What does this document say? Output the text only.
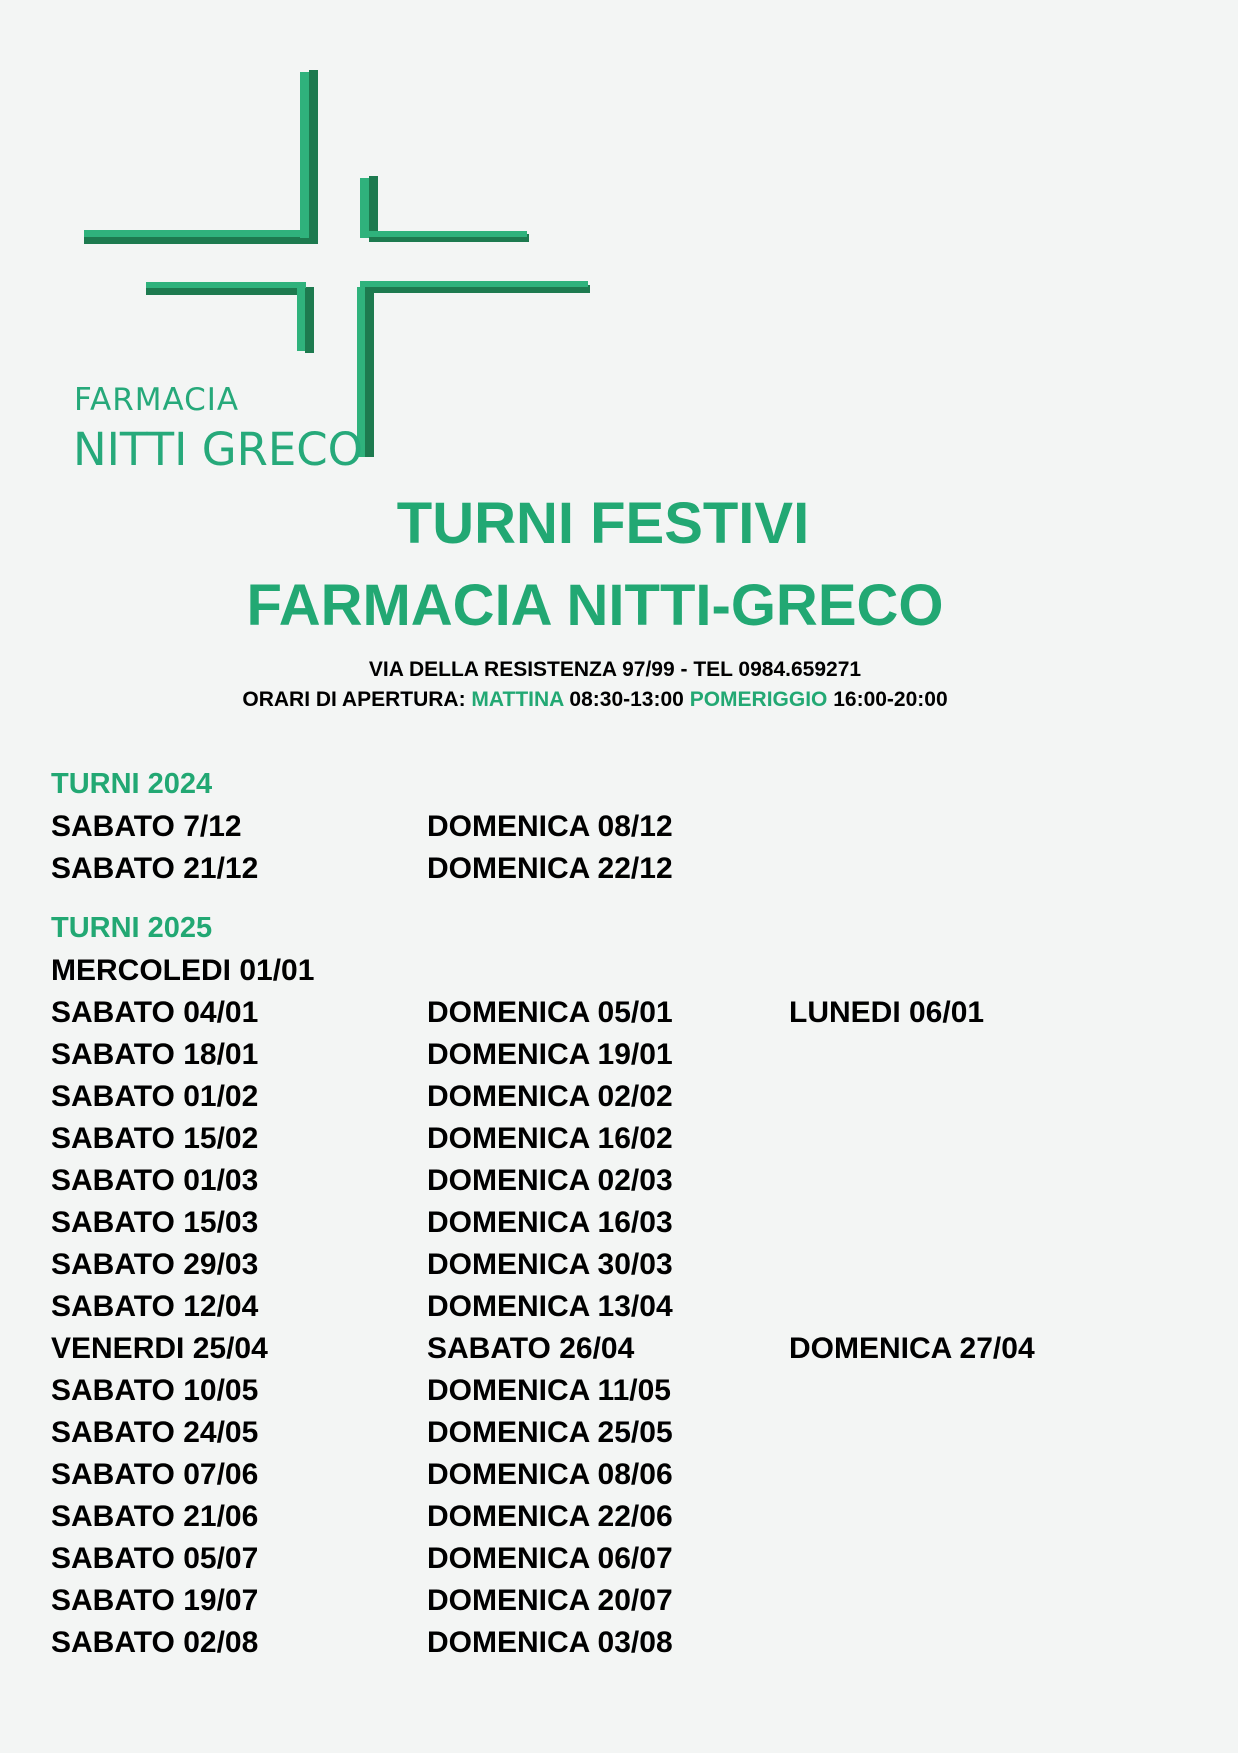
FARMACIA
NITTI GRECO
TURNI FESTIVI
FARMACIA NITTI-GRECO
VIA DELLA RESISTENZA 97/99 - TEL 0984.659271
ORARI DI APERTURA: MATTINA 08:30-13:00 POMERIGGIO 16:00-20:00
TURNI 2024
SABATO 7/12	DOMENICA 08/12
SABATO 21/12	DOMENICA 22/12
TURNI 2025
MERCOLEDI 01/01
SABATO 04/01	DOMENICA 05/01	LUNEDI 06/01
SABATO 18/01	DOMENICA 19/01
SABATO 01/02	DOMENICA 02/02
SABATO 15/02	DOMENICA 16/02
SABATO 01/03	DOMENICA 02/03
SABATO 15/03	DOMENICA 16/03
SABATO 29/03	DOMENICA 30/03
SABATO 12/04	DOMENICA 13/04
VENERDI 25/04	SABATO 26/04	DOMENICA 27/04
SABATO 10/05	DOMENICA 11/05
SABATO 24/05	DOMENICA 25/05
SABATO 07/06	DOMENICA 08/06
SABATO 21/06	DOMENICA 22/06
SABATO 05/07	DOMENICA 06/07
SABATO 19/07	DOMENICA 20/07
SABATO 02/08	DOMENICA 03/08
